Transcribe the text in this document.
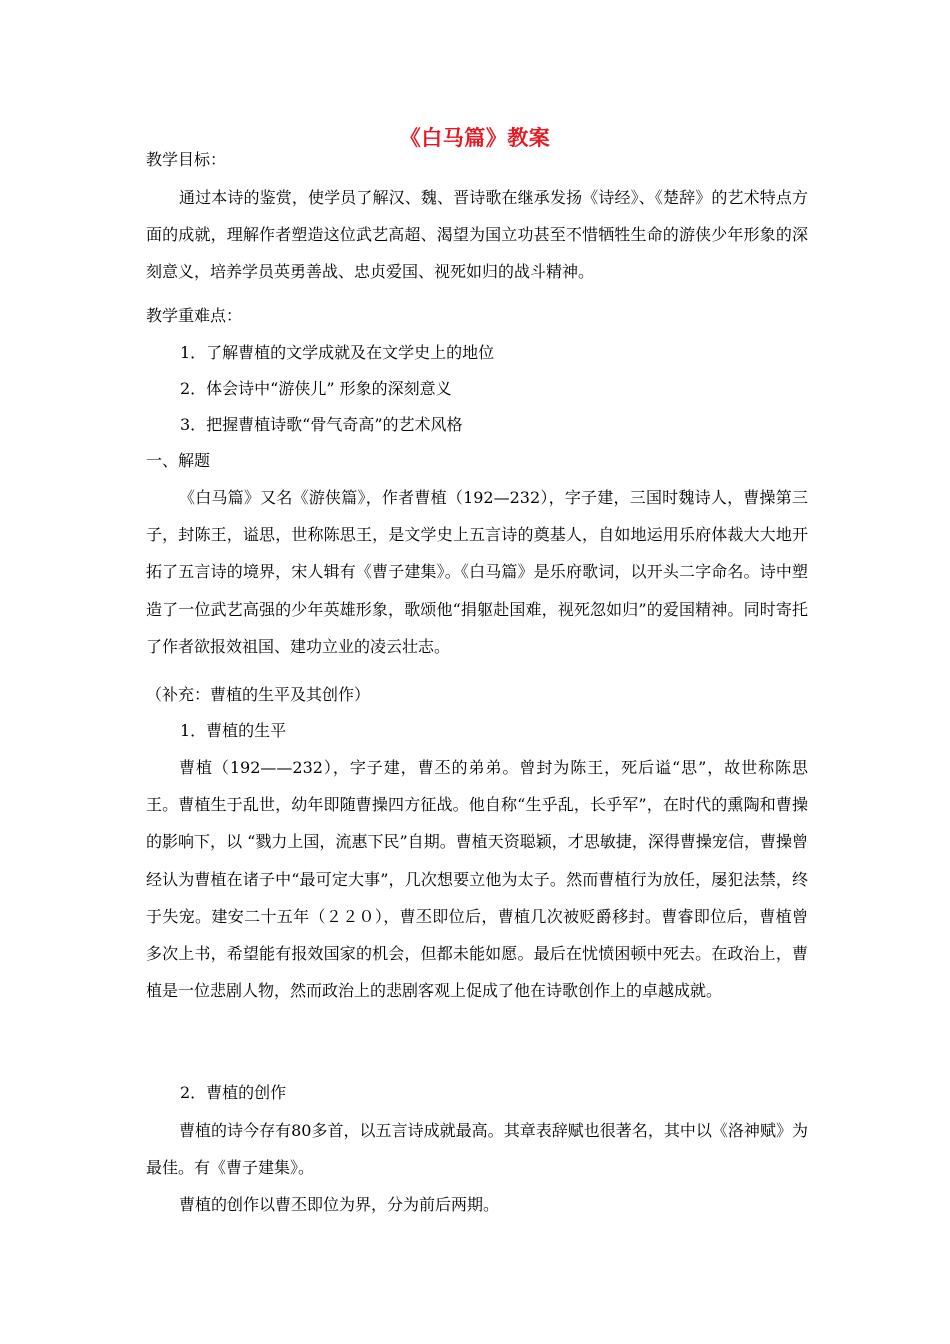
《白马篇》教案
教学目标：
通过本诗的鉴赏，使学员了解汉、魏、晋诗歌在继承发扬《诗经》、《楚辞》的艺术特点方面的成就，理解作者塑造这位武艺高超、渴望为国立功甚至不惜牺牲生命的游侠少年形象的深刻意义，培养学员英勇善战、忠贞爱国、视死如归的战斗精神。
教学重难点：
1．了解曹植的文学成就及在文学史上的地位
2．体会诗中“游侠儿” 形象的深刻意义
3．把握曹植诗歌“骨气奇高”的艺术风格
一、解题
《白马篇》又名《游侠篇》，作者曹植（192—232），字子建，三国时魏诗人，曹操第三子，封陈王，谥思，世称陈思王，是文学史上五言诗的奠基人，自如地运用乐府体裁大大地开拓了五言诗的境界，宋人辑有《曹子建集》。《白马篇》是乐府歌词，以开头二字命名。诗中塑造了一位武艺高强的少年英雄形象，歌颂他“捐躯赴国难，视死忽如归”的爱国精神。同时寄托了作者欲报效祖国、建功立业的凌云壮志。
（补充：曹植的生平及其创作）
1．曹植的生平
曹植（192——232），字子建，曹丕的弟弟。曾封为陈王，死后谥“思”，故世称陈思王。曹植生于乱世，幼年即随曹操四方征战。他自称“生乎乱，长乎军”，在时代的熏陶和曹操的影响下，以 “戮力上国，流惠下民”自期。曹植天资聪颖，才思敏捷，深得曹操宠信，曹操曾经认为曹植在诸子中“最可定大事”，几次想要立他为太子。然而曹植行为放任，屡犯法禁，终于失宠。建安二十五年（２２０），曹丕即位后，曹植几次被贬爵移封。曹睿即位后，曹植曾多次上书，希望能有报效国家的机会，但都未能如愿。最后在忧愤困顿中死去。在政治上，曹植是一位悲剧人物，然而政治上的悲剧客观上促成了他在诗歌创作上的卓越成就。
2．曹植的创作
曹植的诗今存有80多首，以五言诗成就最高。其章表辞赋也很著名，其中以《洛神赋》为最佳。有《曹子建集》。
曹植的创作以曹丕即位为界，分为前后两期。
